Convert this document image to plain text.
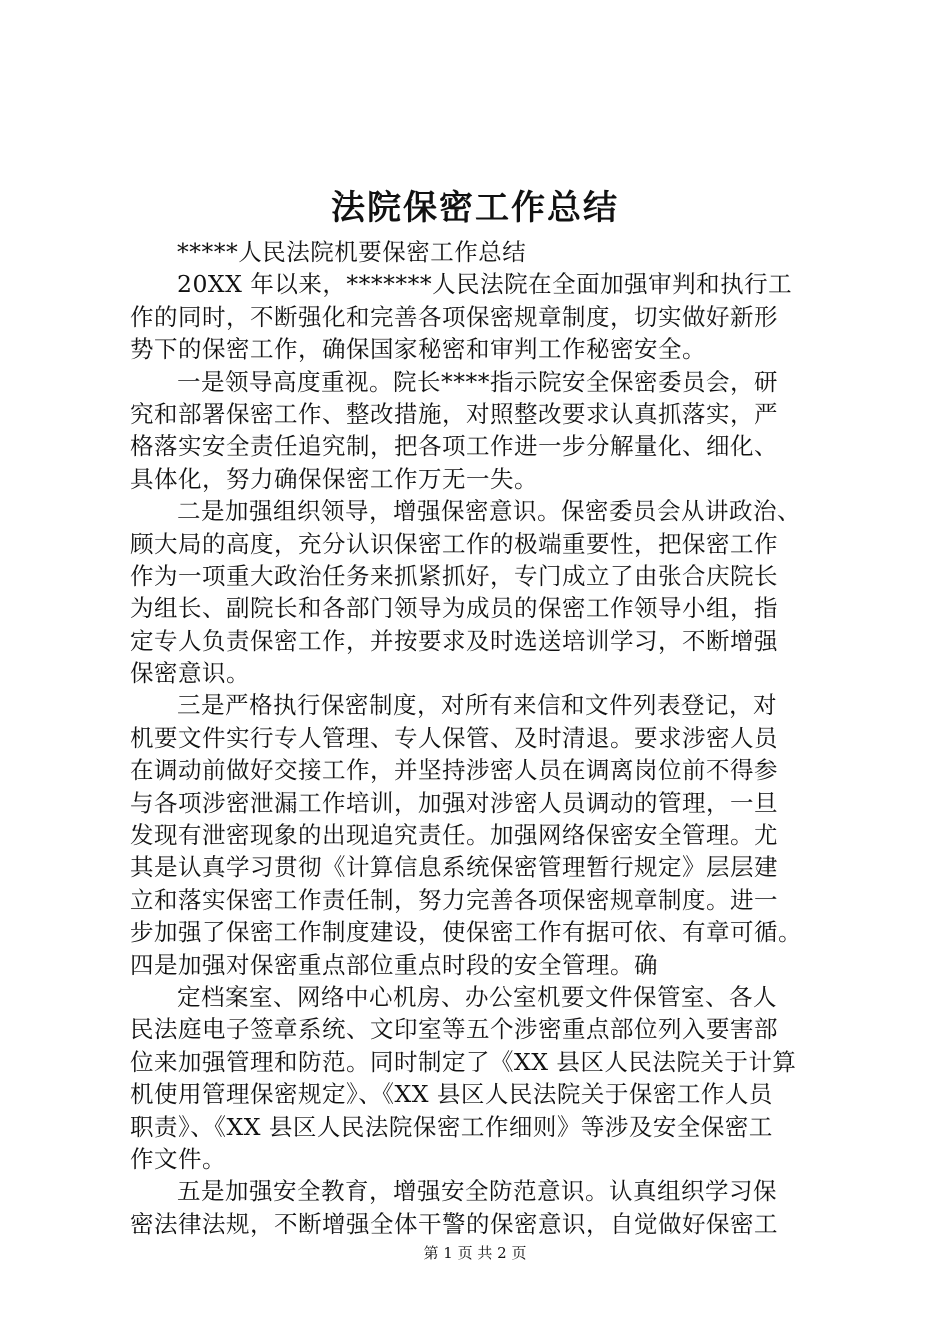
法院保密工作总结
*****人民法院机要保密工作总结
20XX 年以来，*******人民法院在全面加强审判和执行工
作的同时，不断强化和完善各项保密规章制度，切实做好新形
势下的保密工作，确保国家秘密和审判工作秘密安全。
一是领导高度重视。院长****指示院安全保密委员会，研
究和部署保密工作、整改措施，对照整改要求认真抓落实，严
格落实安全责任追究制，把各项工作进一步分解量化、细化、
具体化，努力确保保密工作万无一失。
二是加强组织领导，增强保密意识。保密委员会从讲政治、
顾大局的高度，充分认识保密工作的极端重要性，把保密工作
作为一项重大政治任务来抓紧抓好，专门成立了由张合庆院长
为组长、副院长和各部门领导为成员的保密工作领导小组，指
定专人负责保密工作，并按要求及时选送培训学习，不断增强
保密意识。
三是严格执行保密制度，对所有来信和文件列表登记，对
机要文件实行专人管理、专人保管、及时清退。要求涉密人员
在调动前做好交接工作，并坚持涉密人员在调离岗位前不得参
与各项涉密泄漏工作培训，加强对涉密人员调动的管理，一旦
发现有泄密现象的出现追究责任。加强网络保密安全管理。尤
其是认真学习贯彻《计算信息系统保密管理暂行规定》层层建
立和落实保密工作责任制，努力完善各项保密规章制度。进一
步加强了保密工作制度建设，使保密工作有据可依、有章可循。
四是加强对保密重点部位重点时段的安全管理。确
定档案室、网络中心机房、办公室机要文件保管室、各人
民法庭电子签章系统、文印室等五个涉密重点部位列入要害部
位来加强管理和防范。同时制定了《XX 县区人民法院关于计算
机使用管理保密规定》、《XX 县区人民法院关于保密工作人员
职责》、《XX 县区人民法院保密工作细则》等涉及安全保密工
作文件。
五是加强安全教育，增强安全防范意识。认真组织学习保
密法律法规，不断增强全体干警的保密意识，自觉做好保密工
第 1 页 共 2 页
